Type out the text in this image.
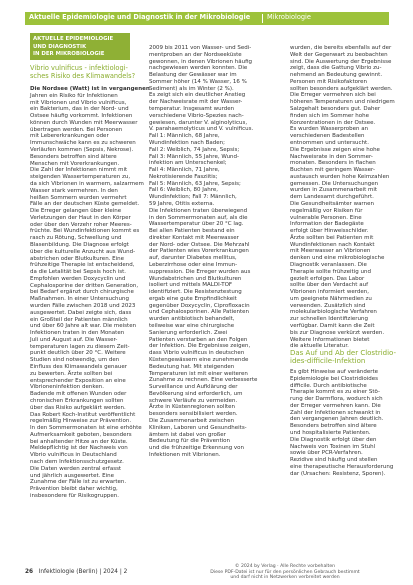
Aktuelle Epidemiologie und Diagnostik in der Mikrobiologie	Mikrobiologie
AKTUELLE EPIDEMIOLOGIE
UND DIAGNOSTIK
IN DER MIKROBIOLOGIE
Vibrio vulnificus - infektiologi-
sches Risiko des Klimawandels?
Die Nordsee (Watt) ist in vergangenen
Jahren ein Risiko für Infektionen
mit Vibrionen und Vibrio vulnificus,
ein Bakterium, das in der Nord- und
Ostsee häufig vorkommt. Infektionen
können durch Wunden mit Meerwasser
übertragen werden. Bei Personen
mit Lebererkrankungen oder
Immunschwäche kann es zu schweren
Verläufen kommen (Sepsis, Nekrose).
Besonders betroffen sind ältere
Menschen mit Vorerkrankungen.
Die Zahl der Infektionen nimmt mit
steigenden Wassertemperaturen zu,
da sich Vibrionen in warmem, salzarmem
Wasser stark vermehren. In den
heißen Sommern wurden vermehrt
Fälle an der deutschen Küste gemeldet.
Die Erreger gelangen über kleine
Verletzungen der Haut in den Körper
oder über den Verzehr roher Meeres-
früchte. Bei Wundinfektionen kommt es
rasch zu Rötung, Schwellung und
Blasenbildung. Die Diagnose erfolgt
über die kulturelle Anzucht aus Wund-
abstrichen oder Blutkulturen. Eine
frühzeitige Therapie ist entscheidend,
da die Letalität bei Sepsis hoch ist.
Empfohlen werden Doxycyclin und
Cephalosporine der dritten Generation,
bei Bedarf ergänzt durch chirurgische
Maßnahmen. In einer Untersuchung
wurden Fälle zwischen 2018 und 2023
ausgewertet. Dabei zeigte sich, dass
ein Großteil der Patienten männlich
und über 60 Jahre alt war. Die meisten
Infektionen traten in den Monaten
Juli und August auf. Die Wasser-
temperaturen lagen zu diesem Zeit-
punkt deutlich über 20 °C. Weitere
Studien sind notwendig, um den
Einfluss des Klimawandels genauer
zu bewerten. Ärzte sollten bei
entsprechender Exposition an eine
Vibrioneninfektion denken.
Badende mit offenen Wunden oder
chronischen Erkrankungen sollten
über das Risiko aufgeklärt werden.
Das Robert Koch-Institut veröffentlicht
regelmäßig Hinweise zur Prävention.
In den Sommermonaten ist eine erhöhte
Aufmerksamkeit geboten, besonders
bei anhaltender Hitze an der Küste.
Meldepflichtig ist der Nachweis von
Vibrio vulnificus in Deutschland
nach dem Infektionsschutzgesetz.
Die Daten werden zentral erfasst
und jährlich ausgewertet. Eine
Zunahme der Fälle ist zu erwarten.
Prävention bleibt daher wichtig,
insbesondere für Risikogruppen.
2009 bis 2011 von Wasser- und Sedi-
mentproben an der Nordseeküste
gewonnen, in denen Vibrionen häufig
nachgewiesen werden konnten. Die
Belastung der Gewässer war im
Sommer höher (14 % Wasser, 16 %
Sediment) als im Winter (2 %).
Es zeigt sich ein deutlicher Anstieg
der Nachweisrate mit der Wasser-
temperatur. Insgesamt wurden
verschiedene Vibrio-Spezies nach-
gewiesen, darunter V. alginolyticus,
V. parahaemolyticus und V. vulnificus.
Fall 1: Männlich, 68 Jahre,
Wundinfektion nach Baden;
Fall 2: Weiblich, 74 Jahre, Sepsis;
Fall 3: Männlich, 55 Jahre, Wund-
infektion am Unterschenkel;
Fall 4: Männlich, 71 Jahre,
Nekrotisierende Fasziitis;
Fall 5: Männlich, 63 Jahre, Sepsis;
Fall 6: Weiblich, 80 Jahre,
Wundinfektion; Fall 7: Männlich,
59 Jahre, Otitis externa.
Die Infektionen traten überwiegend
in den Sommermonaten auf, als die
Wassertemperatur über 20 °C lag.
Bei allen Patienten bestand ein
direkter Kontakt mit Meerwasser
der Nord- oder Ostsee. Die Mehrzahl
der Patienten wies Vorerkrankungen
auf, darunter Diabetes mellitus,
Leberzirrhose oder eine Immun-
suppression. Die Erreger wurden aus
Wundabstrichen und Blutkulturen
isoliert und mittels MALDI-TOF
identifiziert. Die Resistenztestung
ergab eine gute Empfindlichkeit
gegenüber Doxycyclin, Ciprofloxacin
und Cephalosporinen. Alle Patienten
wurden antibiotisch behandelt,
teilweise war eine chirurgische
Sanierung erforderlich. Zwei
Patienten verstarben an den Folgen
der Infektion. Die Ergebnisse zeigen,
dass Vibrio vulnificus in deutschen
Küstengewässern eine zunehmende
Bedeutung hat. Mit steigenden
Temperaturen ist mit einer weiteren
Zunahme zu rechnen. Eine verbesserte
Surveillance und Aufklärung der
Bevölkerung sind erforderlich, um
schwere Verläufe zu vermeiden.
Ärzte in Küstenregionen sollten
besonders sensibilisiert werden.
Die Zusammenarbeit zwischen
Kliniken, Laboren und Gesundheits-
ämtern ist dabei von großer
Bedeutung für die Prävention
und die frühzeitige Erkennung von
Infektionen mit Vibrionen.
wurden, die bereits ebenfalls auf der
Welt der Gegenwart zu beobachten
sind. Die Auswertung der Ergebnisse
zeigt, dass die Gattung Vibrio zu-
nehmend an Bedeutung gewinnt.
Personen mit Risikofaktoren
sollten besonders aufgeklärt werden.
Die Erreger vermehren sich bei
höheren Temperaturen und niedrigem
Salzgehalt besonders gut. Daher
finden sich im Sommer hohe
Konzentrationen in der Ostsee.
Es wurden Wasserproben an
verschiedenen Badestellen
entnommen und untersucht.
Die Ergebnisse zeigen eine hohe
Nachweisrate in den Sommer-
monaten. Besonders in flachen
Buchten mit geringem Wasser-
austausch wurden hohe Keimzahlen
gemessen. Die Untersuchungen
wurden in Zusammenarbeit mit
dem Landesamt durchgeführt.
Die Gesundheitsämter warnen
regelmäßig vor Risiken für
vulnerable Personen. Eine
Information der Badegäste
erfolgt über Hinweisschilder.
Ärzte sollten bei Patienten mit
Wundinfektionen nach Kontakt
mit Meerwasser an Vibrionen
denken und eine mikrobiologische
Diagnostik veranlassen. Die
Therapie sollte frühzeitig und
gezielt erfolgen. Das Labor
sollte über den Verdacht auf
Vibrionen informiert werden,
um geeignete Nährmedien zu
verwenden. Zusätzlich sind
molekularbiologische Verfahren
zur schnellen Identifizierung
verfügbar. Damit kann die Zeit
bis zur Diagnose verkürzt werden.
Weitere Informationen bietet
die aktuelle Literatur.
Das Auf und Ab der Clostridio-
ides-difficile-Infektion
Es gibt Hinweise auf veränderte
Epidemiologie bei Clostridioides
difficile. Durch antibiotische
Therapie kommt es zu einer Stö-
rung der Darmflora, wodurch sich
der Erreger vermehren kann. Die
Zahl der Infektionen schwankt in
den vergangenen Jahren deutlich.
Besonders betroffen sind ältere
und hospitalisierte Patienten.
Die Diagnostik erfolgt über den
Nachweis von Toxinen im Stuhl
sowie über PCR-Verfahren.
Rezidive sind häufig und stellen
eine therapeutische Herausforderung
dar (Ursachen: Resistenz, Sporen).
© 2024 by Verlag · Alle Rechte vorbehalten
Diese PDF-Datei ist nur für den persönlichen Gebrauch bestimmt
und darf nicht in Netzwerken verbreitet werden
26 Infektiologie (Berlin) | 2024 | 2
